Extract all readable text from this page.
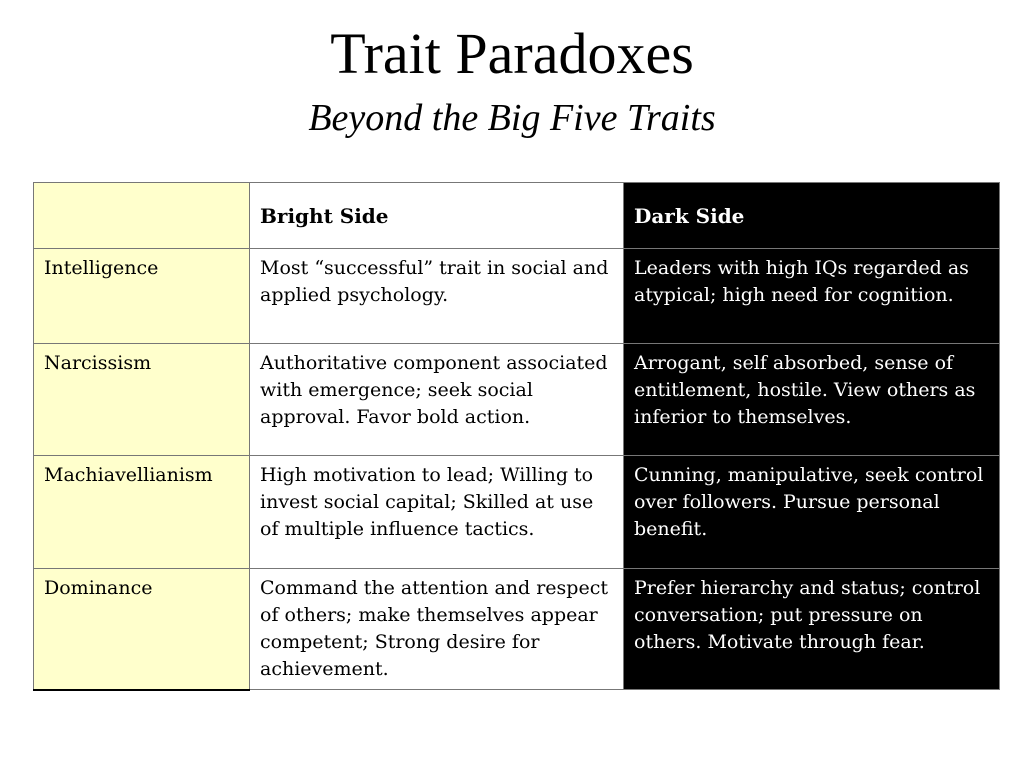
Trait Paradoxes
Beyond the Big Five Traits
	Bright Side	Dark Side
Intelligence	Most “successful” trait in social and applied psychology.	Leaders with high IQs regarded as atypical; high need for cognition.
Narcissism	Authoritative component associated with emergence; seek social approval. Favor bold action.	Arrogant, self absorbed, sense of entitlement, hostile. View others as inferior to themselves.
Machiavellianism	High motivation to lead; Willing to invest social capital; Skilled at use of multiple influence tactics.	Cunning, manipulative, seek control over followers. Pursue personal benefit.
Dominance	Command the attention and respect of others; make themselves appear competent; Strong desire for achievement.	Prefer hierarchy and status; control conversation; put pressure on others. Motivate through fear.
